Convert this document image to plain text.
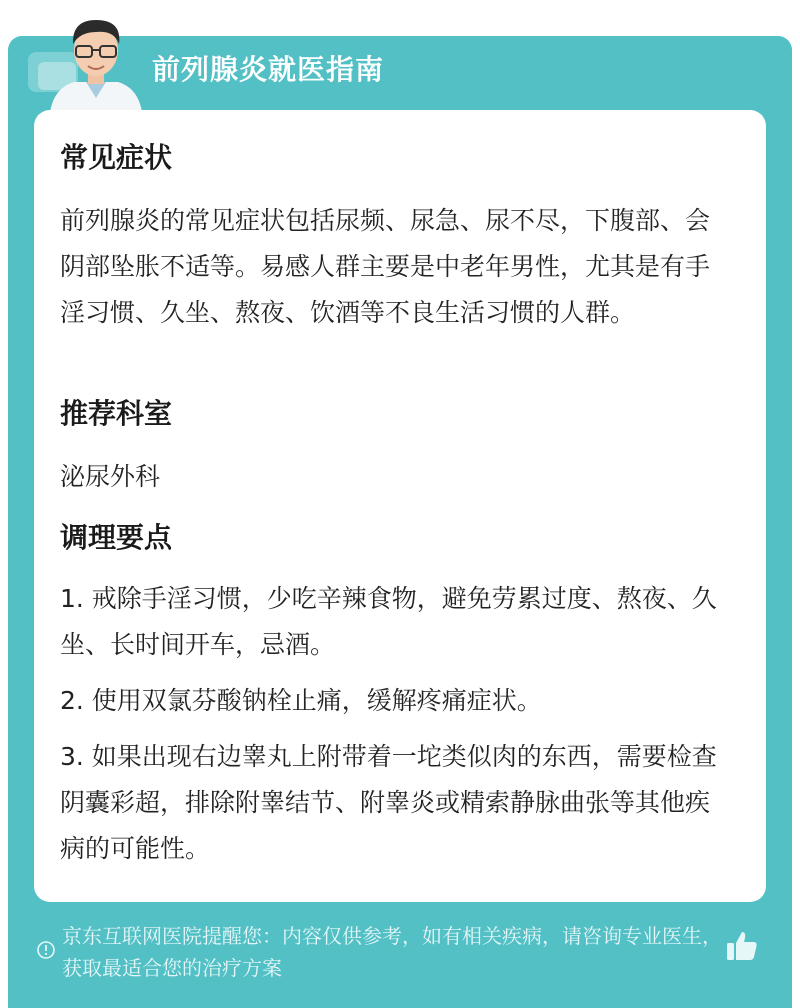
前列腺炎就医指南
常见症状
前列腺炎的常见症状包括尿频、尿急、尿不尽，下腹部、会阴部坠胀不适等。易感人群主要是中老年男性，尤其是有手淫习惯、久坐、熬夜、饮酒等不良生活习惯的人群。
推荐科室
泌尿外科
调理要点
1. 戒除手淫习惯，少吃辛辣食物，避免劳累过度、熬夜、久坐、长时间开车，忌酒。
2. 使用双氯芬酸钠栓止痛，缓解疼痛症状。
3. 如果出现右边睾丸上附带着一坨类似肉的东西，需要检查阴囊彩超，排除附睾结节、附睾炎或精索静脉曲张等其他疾病的可能性。
京东互联网医院提醒您：内容仅供参考，如有相关疾病，请咨询专业医生，获取最适合您的治疗方案
